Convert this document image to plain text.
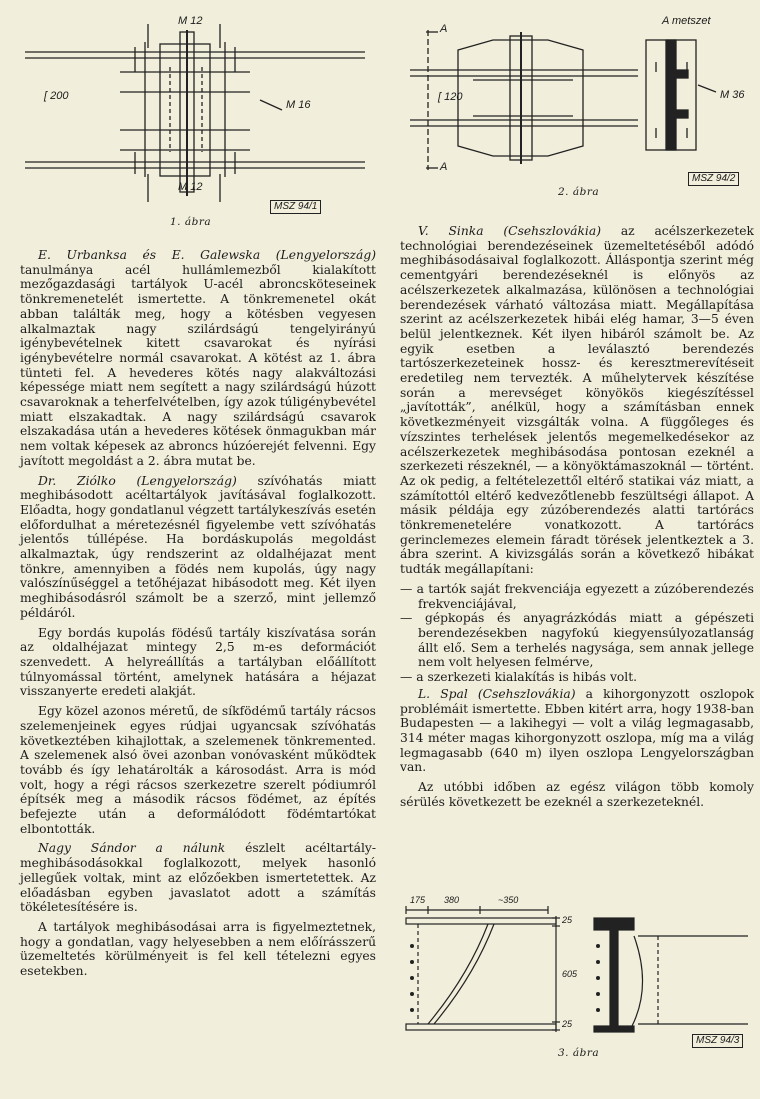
M 12
[ 200
M 16
M 12
MSZ 94/1
1. ábra
A metszet
A
[ 120	M 36
A
MSZ 94/2
2. ábra

E. Urbanksa és E. Galewska (Lengyelország) tanulmánya acél hullámlemezből kialakított mezőgazdasági tartályok U-acél abroncsköteseinek tönkremenetelét ismertette. A tönkremenetel okát abban találták meg, hogy a kötésben vegyesen alkalmaztak nagy szilárdságú tengelyirányú igénybevételnek kitett csavarokat és nyírási igénybevételre normál csavarokat. A kötést az 1. ábra tünteti fel. A hevederes kötés nagy alakváltozási képessége miatt nem segített a nagy szilárdságú húzott csavaroknak a teherfelvételben, így azok túligénybevétel miatt elszakadtak. A nagy szilárdságú csavarok elszakadása után a hevederes kötések önmagukban már nem voltak képesek az abroncs húzóerejét felvenni. Egy javított megoldást a 2. ábra mutat be.

Dr. Ziólko (Lengyelország) szívóhatás miatt meghibásodott acéltartályok javításával foglalkozott. Előadta, hogy gondatlanul végzett tartálykeszívás esetén előfordulhat a méretezésnél figyelembe vett szívóhatás jelentős túllépése. Hа bordáskupolás megoldást alkalmaztak, úgy rendszerint az oldalhéjazat ment tönkre, amennyiben a födés nem kupolás, úgy nagy valószínűséggel a tetőhéjazat hibásodott meg. Két ilyen meghibásodásról számolt be a szerző, mint jellemző példáról.

Egy bordás kupolás födésű tartály kiszívatása során az oldalhéjazat mintegy 2,5 m-es deformációt szenvedett. A helyreállítás a tartályban előállított túlnyomással történt, amelynek hatására a héjazat visszanyerte eredeti alakját.

Egy közel azonos méretű, de síkfödémű tartály rácsos szelemenjeinek egyes rúdjai ugyancsak szívóhatás következtében kihajlottak, a szelemenek tönkremented. A szelemenek alsó övei azonban vonóvasként működtek tovább és így lehatárolták a károsodást. Arra is mód volt, hogy a régi rácsos szerkezetre szerelt pódiumról építsék meg a második rácsos födémet, az építés befejezte után a deformálódott födémtartókat elbontották.

Nagy Sándor a nálunk észlelt acéltartály-meghibásodásokkal foglalkozott, melyek hasonló jellegűek voltak, mint az előzőekben ismertetettek. Az előadásban egyben javaslatot adott a számítás tökéletesítésére is.

A tartályok meghibásodásai arra is figyelmeztetnek, hogy a gondatlan, vagy helyesebben a nem előírásszerű üzemeltetés körülményeit is fel kell tételezni egyes esetekben.

V. Sinka (Csehszlovákia) az acélszerkezetek technológiai berendezéseinek üzemeltetéséből adódó meghibásodásaival foglalkozott. Álláspontja szerint még cementgyári berendezéseknél is előnyös az acélszerkezetek alkalmazása, különösen a technológiai berendezések várható változása miatt. Megállapítása szerint az acélszerkezetek hibái elég hamar, 3—5 éven belül jelentkeznek. Két ilyen hibáról számolt be. Az egyik esetben a leválasztó berendezés tartószerkezeteinek hossz- és keresztmerevítéseit eredetileg nem tervezték. A műhelytervek készítése során a merevséget könyökös kiegészítéssel „javították”, anélkül, hogy a számításban ennek következményeit vizsgálták volna. A függőleges és vízszintes terhelések jelentős megemelkedésekor az acélszerkezetek meghibásodása pontosan ezeknél a szerkezeti részeknél, — a könyöktámaszoknál — történt. Az ok pedig, a feltételezettől eltérő statikai váz miatt, a számítottól eltérő kedvezőtlenebb feszültségi állapot. A másik példája egy zúzóberendezés alatti tartórács tönkremenetelére vonatkozott. A tartórács gerinclemezes elemein fáradt törések jelentkeztek a 3. ábra szerint. A kivizsgálás során a következő hibákat tudták megállapítani:

— a tartók saját frekvenciája egyezett a zúzóberendezés frekvenciájával,
— gépkopás és anyagrázkódás miatt a gépészeti berendezésekben nagyfokú kiegyensúlyozatlanság állt elő. Sem a terhelés nagysága, sem annak jellege nem volt helyesen felmérve,
— a szerkezeti kialakítás is hibás volt.

L. Spal (Csehszlovákia) a kihorgonyzott oszlopok problémáit ismertette. Ebben kitért arra, hogy 1938-ban Budapesten — a lakihegyi — volt a világ legmagasabb, 314 méter magas kihorgonyzott oszlopa, míg ma a világ legmagasabb (640 m) ilyen oszlopa Lengyelországban van.

Az utóbbi időben az egész világon több komoly sérülés következett be ezeknél a szerkezeteknél.

175 380	~350
25
605
25
MSZ 94/3
3. ábra
